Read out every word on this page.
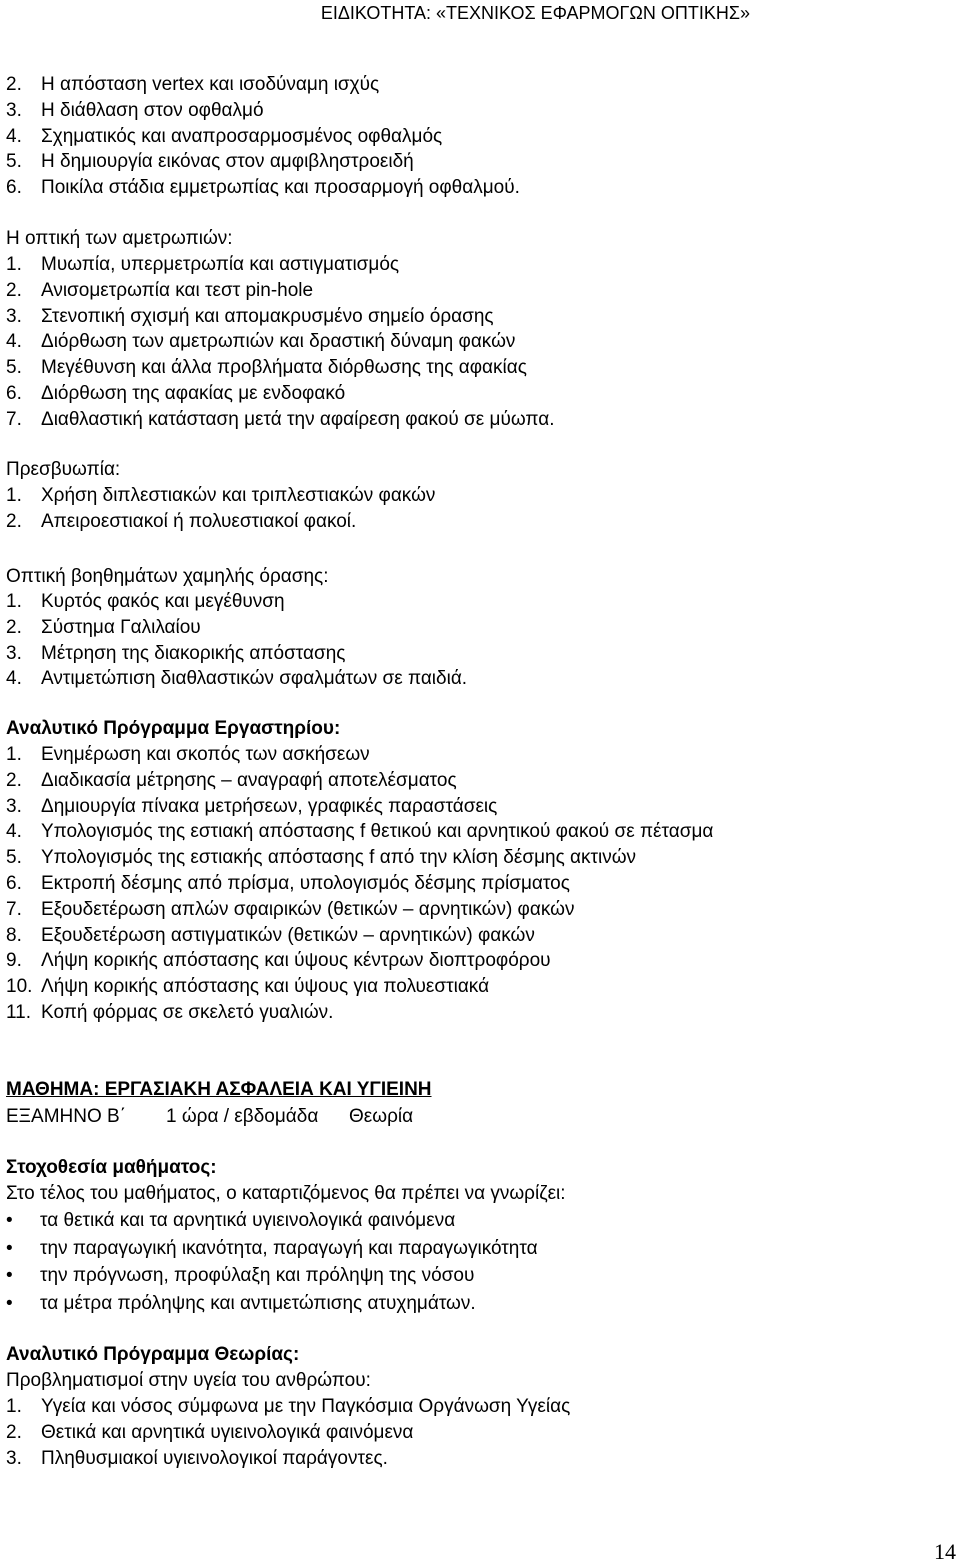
ΕΙΔΙΚΟΤΗΤΑ: «ΤΕΧΝΙΚΟΣ ΕΦΑΡΜΟΓΩΝ ΟΠΤΙΚΗΣ»
2. Η απόσταση vertex και ισοδύναμη ισχύς
3. Η διάθλαση στον οφθαλμό
4. Σχηματικός και αναπροσαρμοσμένος οφθαλμός
5. Η δημιουργία εικόνας στον αμφιβληστροειδή
6. Ποικίλα στάδια εμμετρωπίας και προσαρμογή οφθαλμού.
Η οπτική των αμετρωπιών:
1. Μυωπία, υπερμετρωπία και αστιγματισμός
2. Ανισομετρωπία και τεστ pin-hole
3. Στενοπική σχισμή και απομακρυσμένο σημείο όρασης
4. Διόρθωση των αμετρωπιών και δραστική δύναμη φακών
5. Μεγέθυνση και άλλα προβλήματα διόρθωσης της αφακίας
6. Διόρθωση της αφακίας με ενδοφακό
7. Διαθλαστική κατάσταση μετά την αφαίρεση φακού σε μύωπα.
Πρεσβυωπία:
1. Χρήση διπλεστιακών και τριπλεστιακών φακών
2. Απειροεστιακοί ή πολυεστιακοί φακοί.
Οπτική βοηθημάτων χαμηλής όρασης:
1. Κυρτός φακός και μεγέθυνση
2. Σύστημα Γαλιλαίου
3. Μέτρηση της διακορικής απόστασης
4. Αντιμετώπιση διαθλαστικών σφαλμάτων σε παιδιά.
Αναλυτικό Πρόγραμμα Εργαστηρίου:
1. Ενημέρωση και σκοπός των ασκήσεων
2. Διαδικασία μέτρησης – αναγραφή αποτελέσματος
3. Δημιουργία πίνακα μετρήσεων, γραφικές παραστάσεις
4. Υπολογισμός της εστιακή απόστασης f θετικού και αρνητικού φακού σε πέτασμα
5. Υπολογισμός της εστιακής απόστασης f από την κλίση δέσμης ακτινών
6. Εκτροπή δέσμης από πρίσμα, υπολογισμός δέσμης πρίσματος
7. Εξουδετέρωση απλών σφαιρικών (θετικών – αρνητικών) φακών
8. Εξουδετέρωση αστιγματικών (θετικών – αρνητικών) φακών
9. Λήψη κορικής απόστασης και ύψους κέντρων διοπτροφόρου
10. Λήψη κορικής απόστασης και ύψους για πολυεστιακά
11. Κοπή φόρμας σε σκελετό γυαλιών.
ΜΑΘΗΜΑ: ΕΡΓΑΣΙΑΚΗ ΑΣΦΑΛΕΙΑ ΚΑΙ ΥΓΙΕΙΝΗ
ΕΞΑΜΗΝΟ Β΄ 1 ώρα / εβδομάδα Θεωρία
Στοχοθεσία μαθήματος:
Στο τέλος του μαθήματος, ο καταρτιζόμενος θα πρέπει να γνωρίζει:
• τα θετικά και τα αρνητικά υγιεινολογικά φαινόμενα
• την παραγωγική ικανότητα, παραγωγή και παραγωγικότητα
• την πρόγνωση, προφύλαξη και πρόληψη της νόσου
• τα μέτρα πρόληψης και αντιμετώπισης ατυχημάτων.
Αναλυτικό Πρόγραμμα Θεωρίας:
Προβληματισμοί στην υγεία του ανθρώπου:
1. Υγεία και νόσος σύμφωνα με την Παγκόσμια Οργάνωση Υγείας
2. Θετικά και αρνητικά υγιεινολογικά φαινόμενα
3. Πληθυσμιακοί υγιεινολογικοί παράγοντες.
14
